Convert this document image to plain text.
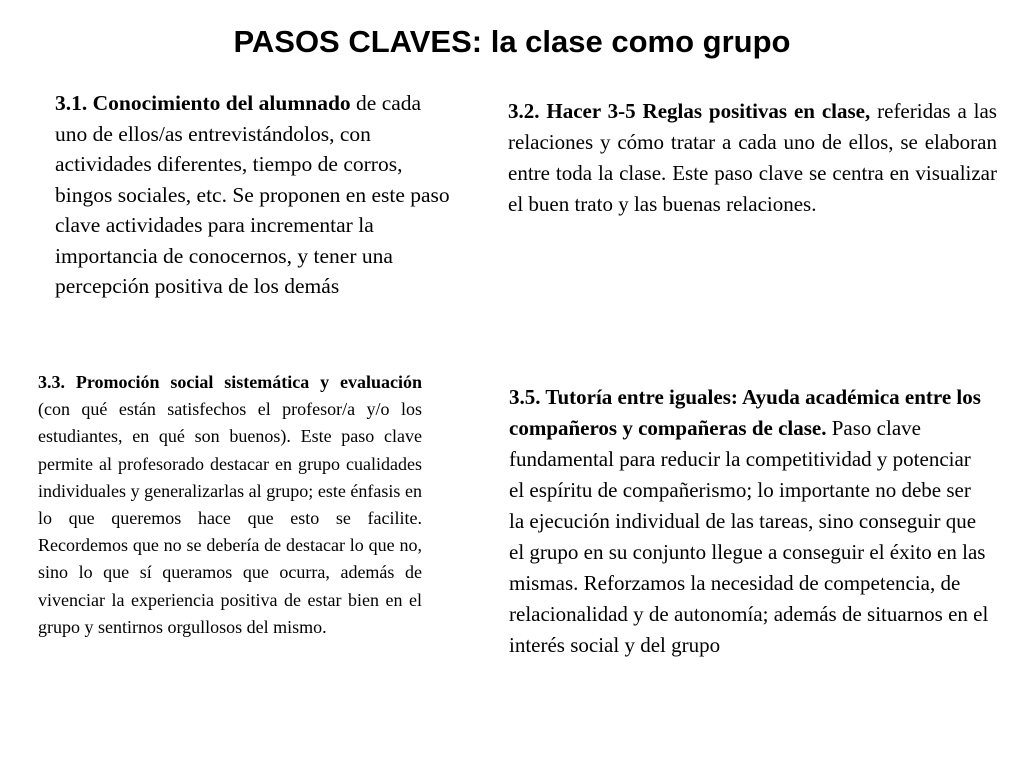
PASOS CLAVES: la clase como grupo

3.1. Conocimiento del alumnado de cada uno de ellos/as entrevistándolos, con actividades diferentes, tiempo de corros, bingos sociales, etc. Se proponen en este paso clave actividades para incrementar la importancia de conocernos, y tener una percepción positiva de los demás

3.2. Hacer 3-5 Reglas positivas en clase, referidas a las relaciones y cómo tratar a cada uno de ellos, se elaboran entre toda la clase. Este paso clave se centra en visualizar el buen trato y las buenas relaciones.

3.3. Promoción social sistemática y evaluación (con qué están satisfechos el profesor/a y/o los estudiantes, en qué son buenos). Este paso clave permite al profesorado destacar en grupo cualidades individuales y generalizarlas al grupo; este énfasis en lo que queremos hace que esto se facilite. Recordemos que no se debería de destacar lo que no, sino lo que sí queramos que ocurra, además de vivenciar la experiencia positiva de estar bien en el grupo y sentirnos orgullosos del mismo.

3.5. Tutoría entre iguales: Ayuda académica entre los compañeros y compañeras de clase. Paso clave fundamental para reducir la competitividad y potenciar el espíritu de compañerismo; lo importante no debe ser la ejecución individual de las tareas, sino conseguir que el grupo en su conjunto llegue a conseguir el éxito en las mismas. Reforzamos la necesidad de competencia, de relacionalidad y de autonomía; además de situarnos en el interés social y del grupo
